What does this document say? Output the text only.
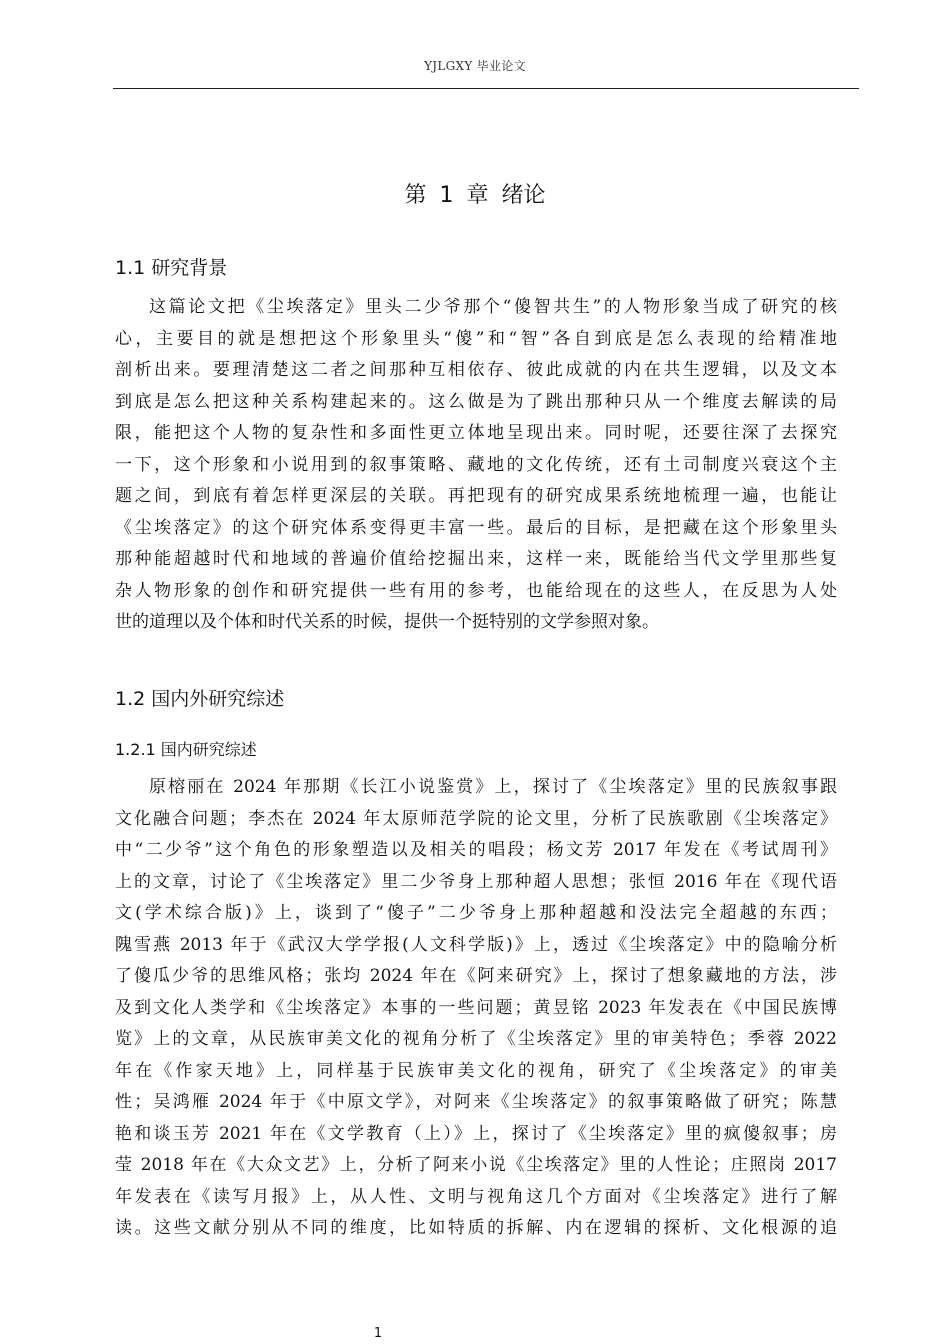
YJLGXY 毕业论文
第 1 章 绪论
1.1 研究背景

这篇论文把《尘埃落定》里头二少爷那个“傻智共生”的人物形象当成了研究的核
心，主要目的就是想把这个形象里头“傻”和“智”各自到底是怎么表现的给精准地
剖析出来。要理清楚这二者之间那种互相依存、彼此成就的内在共生逻辑，以及文本
到底是怎么把这种关系构建起来的。这么做是为了跳出那种只从一个维度去解读的局
限，能把这个人物的复杂性和多面性更立体地呈现出来。同时呢，还要往深了去探究
一下，这个形象和小说用到的叙事策略、藏地的文化传统，还有土司制度兴衰这个主
题之间，到底有着怎样更深层的关联。再把现有的研究成果系统地梳理一遍，也能让
《尘埃落定》的这个研究体系变得更丰富一些。最后的目标，是把藏在这个形象里头
那种能超越时代和地域的普遍价值给挖掘出来，这样一来，既能给当代文学里那些复
杂人物形象的创作和研究提供一些有用的参考，也能给现在的这些人，在反思为人处
世的道理以及个体和时代关系的时候，提供一个挺特别的文学参照对象。

1.2 国内外研究综述
1.2.1 国内研究综述

原榕丽在 2024 年那期《长江小说鉴赏》上，探讨了《尘埃落定》里的民族叙事跟
文化融合问题；李杰在 2024 年太原师范学院的论文里，分析了民族歌剧《尘埃落定》
中“二少爷”这个角色的形象塑造以及相关的唱段；杨文芳 2017 年发在《考试周刊》
上的文章，讨论了《尘埃落定》里二少爷身上那种超人思想；张恒 2016 年在《现代语
文(学术综合版)》上，谈到了“傻子”二少爷身上那种超越和没法完全超越的东西；
隗雪燕 2013 年于《武汉大学学报(人文科学版)》上，透过《尘埃落定》中的隐喻分析
了傻瓜少爷的思维风格；张均 2024 年在《阿来研究》上，探讨了想象藏地的方法，涉
及到文化人类学和《尘埃落定》本事的一些问题；黄昱铭 2023 年发表在《中国民族博
览》上的文章，从民族审美文化的视角分析了《尘埃落定》里的审美特色；季蓉 2022
年在《作家天地》上，同样基于民族审美文化的视角，研究了《尘埃落定》的审美
性；吴鸿雁 2024 年于《中原文学》，对阿来《尘埃落定》的叙事策略做了研究；陈慧
艳和谈玉芳 2021 年在《文学教育（上）》上，探讨了《尘埃落定》里的疯傻叙事；房
莹 2018 年在《大众文艺》上，分析了阿来小说《尘埃落定》里的人性论；庄照岗 2017
年发表在《读写月报》上，从人性、文明与视角这几个方面对《尘埃落定》进行了解
读。这些文献分别从不同的维度，比如特质的拆解、内在逻辑的探析、文化根源的追

1
